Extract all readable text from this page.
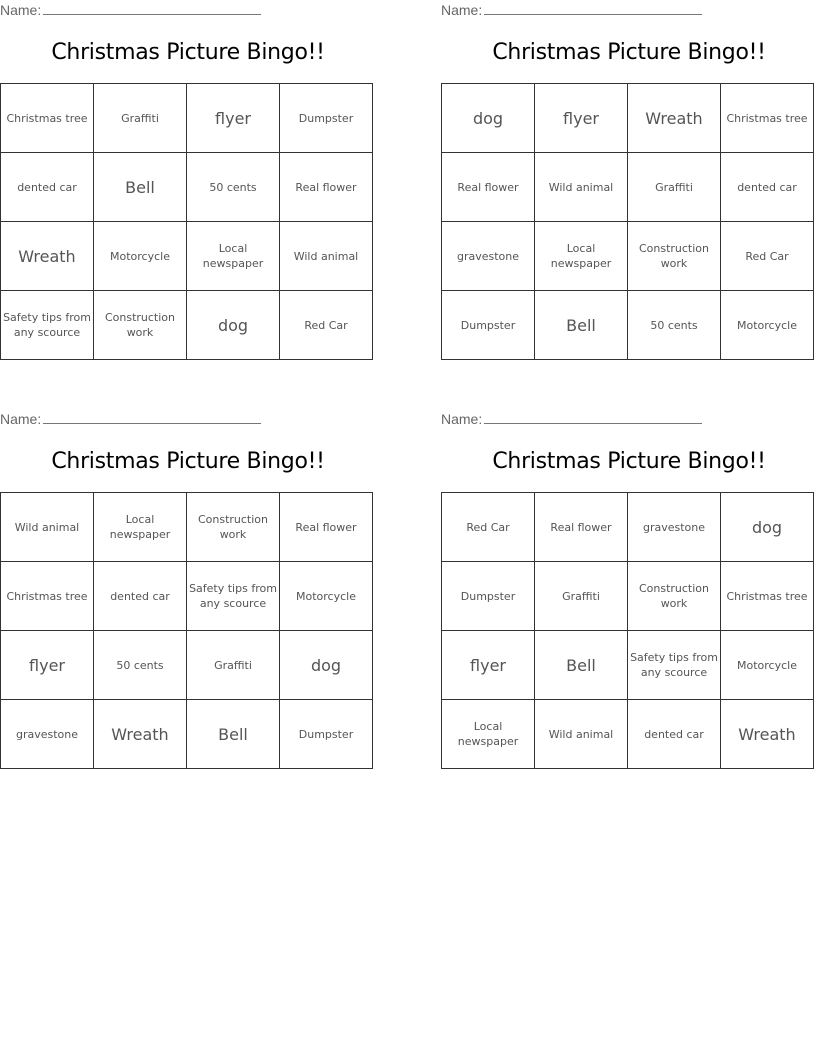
Name:
Christmas Picture Bingo!!
Christmas tree	Graffiti	flyer	Dumpster
dented car	Bell	50 cents	Real flower
Wreath	Motorcycle	Local newspaper	Wild animal
Safety tips from any scource	Construction work	dog	Red Car
Name:
Christmas Picture Bingo!!
dog	flyer	Wreath	Christmas tree
Real flower	Wild animal	Graffiti	dented car
gravestone	Local newspaper	Construction work	Red Car
Dumpster	Bell	50 cents	Motorcycle
Name:
Christmas Picture Bingo!!
Wild animal	Local newspaper	Construction work	Real flower
Christmas tree	dented car	Safety tips from any scource	Motorcycle
flyer	50 cents	Graffiti	dog
gravestone	Wreath	Bell	Dumpster
Name:
Christmas Picture Bingo!!
Red Car	Real flower	gravestone	dog
Dumpster	Graffiti	Construction work	Christmas tree
flyer	Bell	Safety tips from any scource	Motorcycle
Local newspaper	Wild animal	dented car	Wreath
